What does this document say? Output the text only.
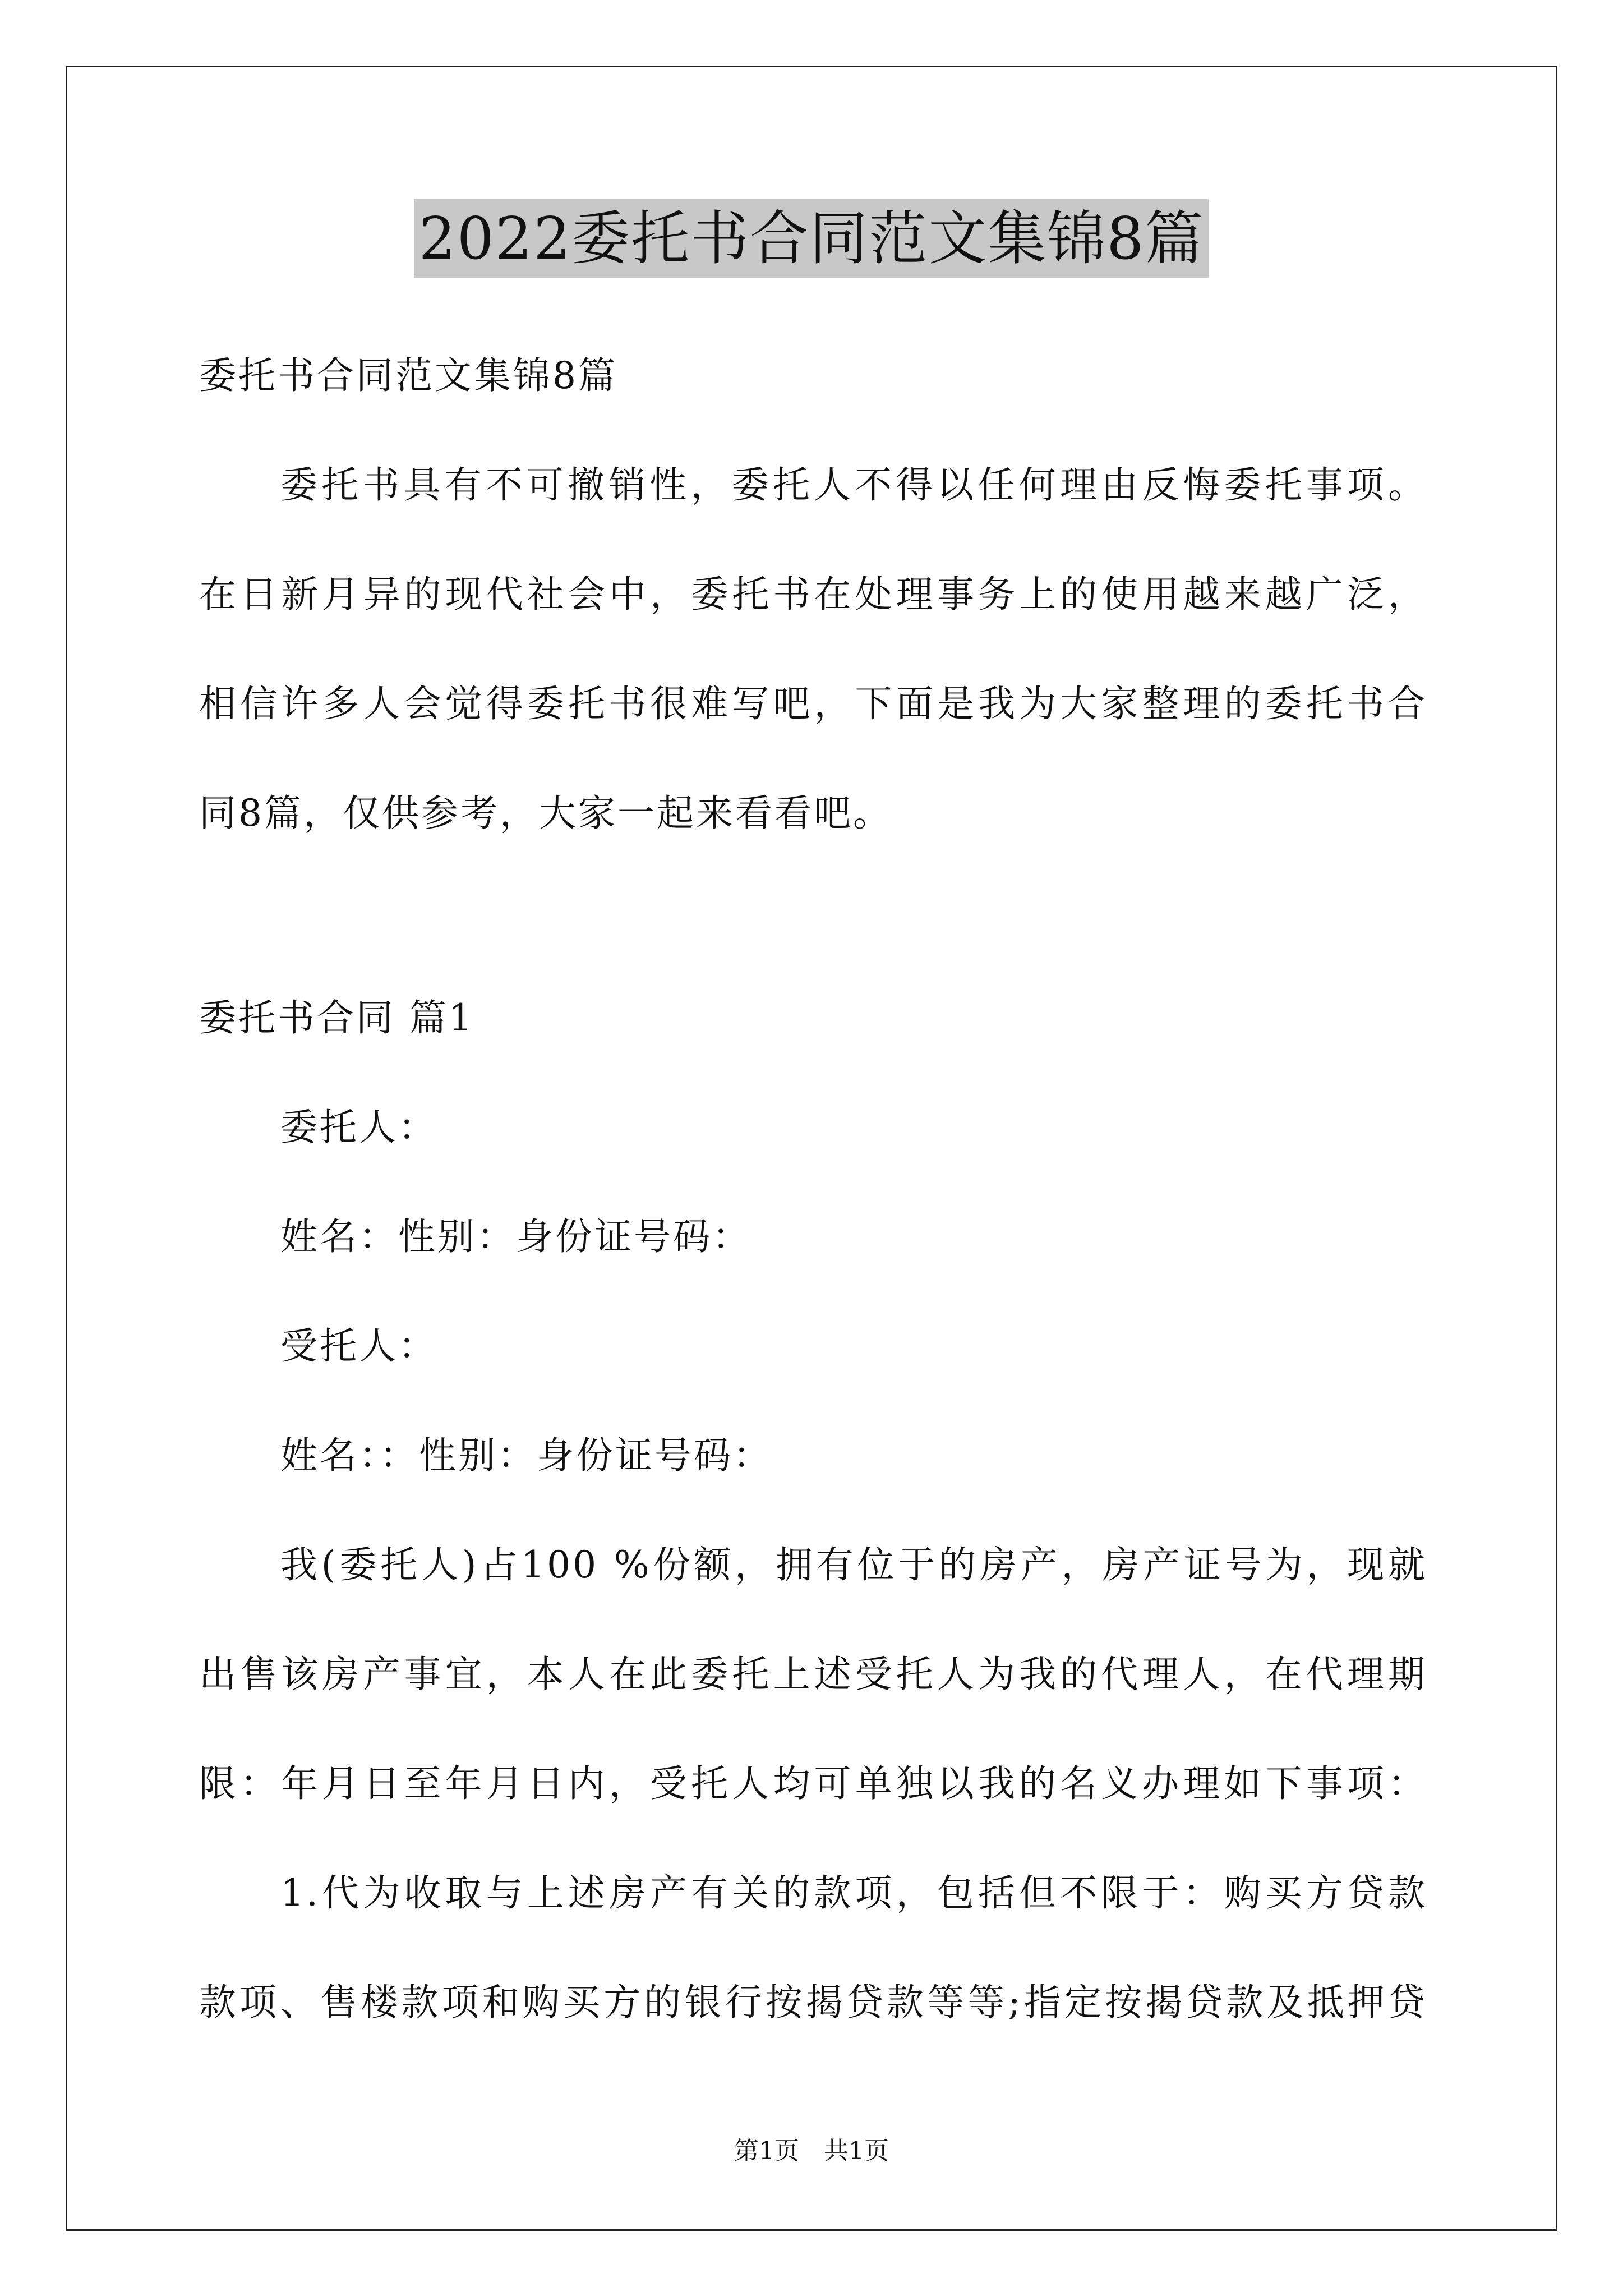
2022委托书合同范文集锦8篇
委托书合同范文集锦8篇
委托书具有不可撤销性，委托人不得以任何理由反悔委托事项。
在日新月异的现代社会中，委托书在处理事务上的使用越来越广泛，
相信许多人会觉得委托书很难写吧，下面是我为大家整理的委托书合
同8篇，仅供参考，大家一起来看看吧。
委托书合同 篇1
委托人：
姓名：性别：身份证号码：
受托人：
姓名：：性别：身份证号码：
我(委托人)占100 %份额，拥有位于的房产，房产证号为，现就
出售该房产事宜，本人在此委托上述受托人为我的代理人，在代理期
限：年月日至年月日内，受托人均可单独以我的名义办理如下事项：
1.代为收取与上述房产有关的款项，包括但不限于：购买方贷款
款项、售楼款项和购买方的银行按揭贷款等等;指定按揭贷款及抵押贷
第1页　共1页
